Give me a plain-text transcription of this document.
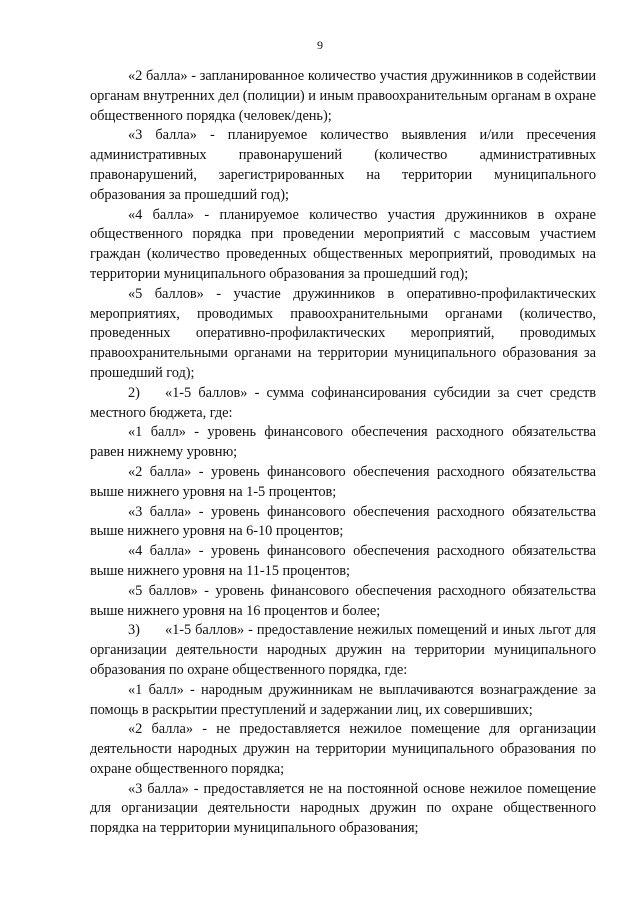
9

«2 балла» - запланированное количество участия дружинников в содействии органам внутренних дел (полиции) и иным правоохранительным органам в охране общественного порядка (человек/день);

«3 балла» - планируемое количество выявления и/или пресечения административных правонарушений (количество административных правонарушений, зарегистрированных на территории муниципального образования за прошедший год);

«4 балла» - планируемое количество участия дружинников в охране общественного порядка при проведении мероприятий с массовым участием граждан (количество проведенных общественных мероприятий, проводимых на территории муниципального образования за прошедший год);

«5 баллов» - участие дружинников в оперативно-профилактических мероприятиях, проводимых правоохранительными органами (количество, проведенных оперативно-профилактических мероприятий, проводимых правоохранительными органами на территории муниципального образования за прошедший год);

2) «1-5 баллов» - сумма софинансирования субсидии за счет средств местного бюджета, где:

«1 балл» - уровень финансового обеспечения расходного обязательства равен нижнему уровню;

«2 балла» - уровень финансового обеспечения расходного обязательства выше нижнего уровня на 1-5 процентов;

«3 балла» - уровень финансового обеспечения расходного обязательства выше нижнего уровня на 6-10 процентов;

«4 балла» - уровень финансового обеспечения расходного обязательства выше нижнего уровня на 11-15 процентов;

«5 баллов» - уровень финансового обеспечения расходного обязательства выше нижнего уровня на 16 процентов и более;

3) «1-5 баллов» - предоставление нежилых помещений и иных льгот для организации деятельности народных дружин на территории муниципального образования по охране общественного порядка, где:

«1 балл» - народным дружинникам не выплачиваются вознаграждение за помощь в раскрытии преступлений и задержании лиц, их совершивших;

«2 балла» - не предоставляется нежилое помещение для организации деятельности народных дружин на территории муниципального образования по охране общественного порядка;

«3 балла» - предоставляется не на постоянной основе нежилое помещение для организации деятельности народных дружин по охране общественного порядка на территории муниципального образования;
